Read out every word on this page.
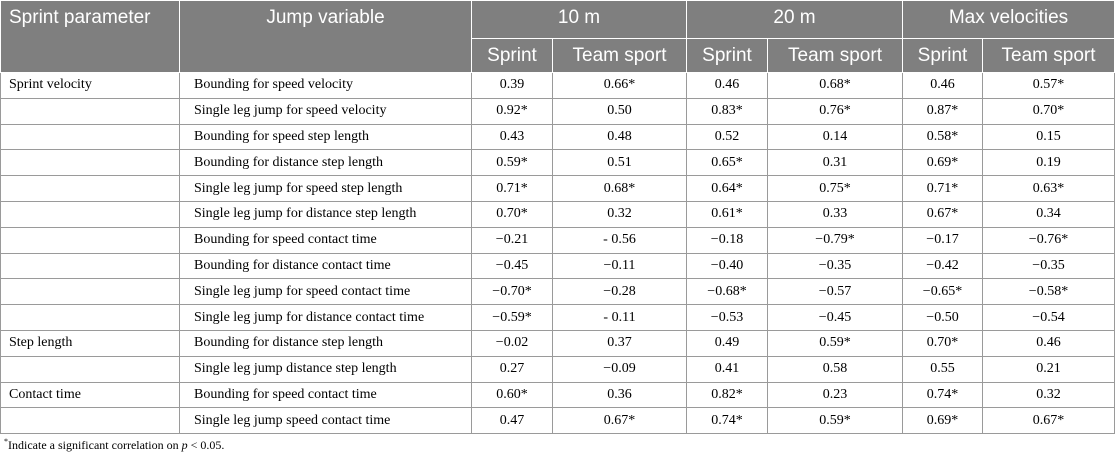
Sprint parameter	Jump variable	10 m		20 m		Max velocities	
		Sprint	Team sport	Sprint	Team sport	Sprint	Team sport
Sprint velocity	Bounding for speed velocity	0.39	0.66*	0.46	0.68*	0.46	0.57*
	Single leg jump for speed velocity	0.92*	0.50	0.83*	0.76*	0.87*	0.70*
	Bounding for speed step length	0.43	0.48	0.52	0.14	0.58*	0.15
	Bounding for distance step length	0.59*	0.51	0.65*	0.31	0.69*	0.19
	Single leg jump for speed step length	0.71*	0.68*	0.64*	0.75*	0.71*	0.63*
	Single leg jump for distance step length	0.70*	0.32	0.61*	0.33	0.67*	0.34
	Bounding for speed contact time	−0.21	- 0.56	−0.18	−0.79*	−0.17	−0.76*
	Bounding for distance contact time	−0.45	−0.11	−0.40	−0.35	−0.42	−0.35
	Single leg jump for speed contact time	−0.70*	−0.28	−0.68*	−0.57	−0.65*	−0.58*
	Single leg jump for distance contact time	−0.59*	- 0.11	−0.53	−0.45	−0.50	−0.54
Step length	Bounding for distance step length	−0.02	0.37	0.49	0.59*	0.70*	0.46
	Single leg jump distance step length	0.27	−0.09	0.41	0.58	0.55	0.21
Contact time	Bounding for speed contact time	0.60*	0.36	0.82*	0.23	0.74*	0.32
	Single leg jump speed contact time	0.47	0.67*	0.74*	0.59*	0.69*	0.67*
*Indicate a significant correlation on p < 0.05.
